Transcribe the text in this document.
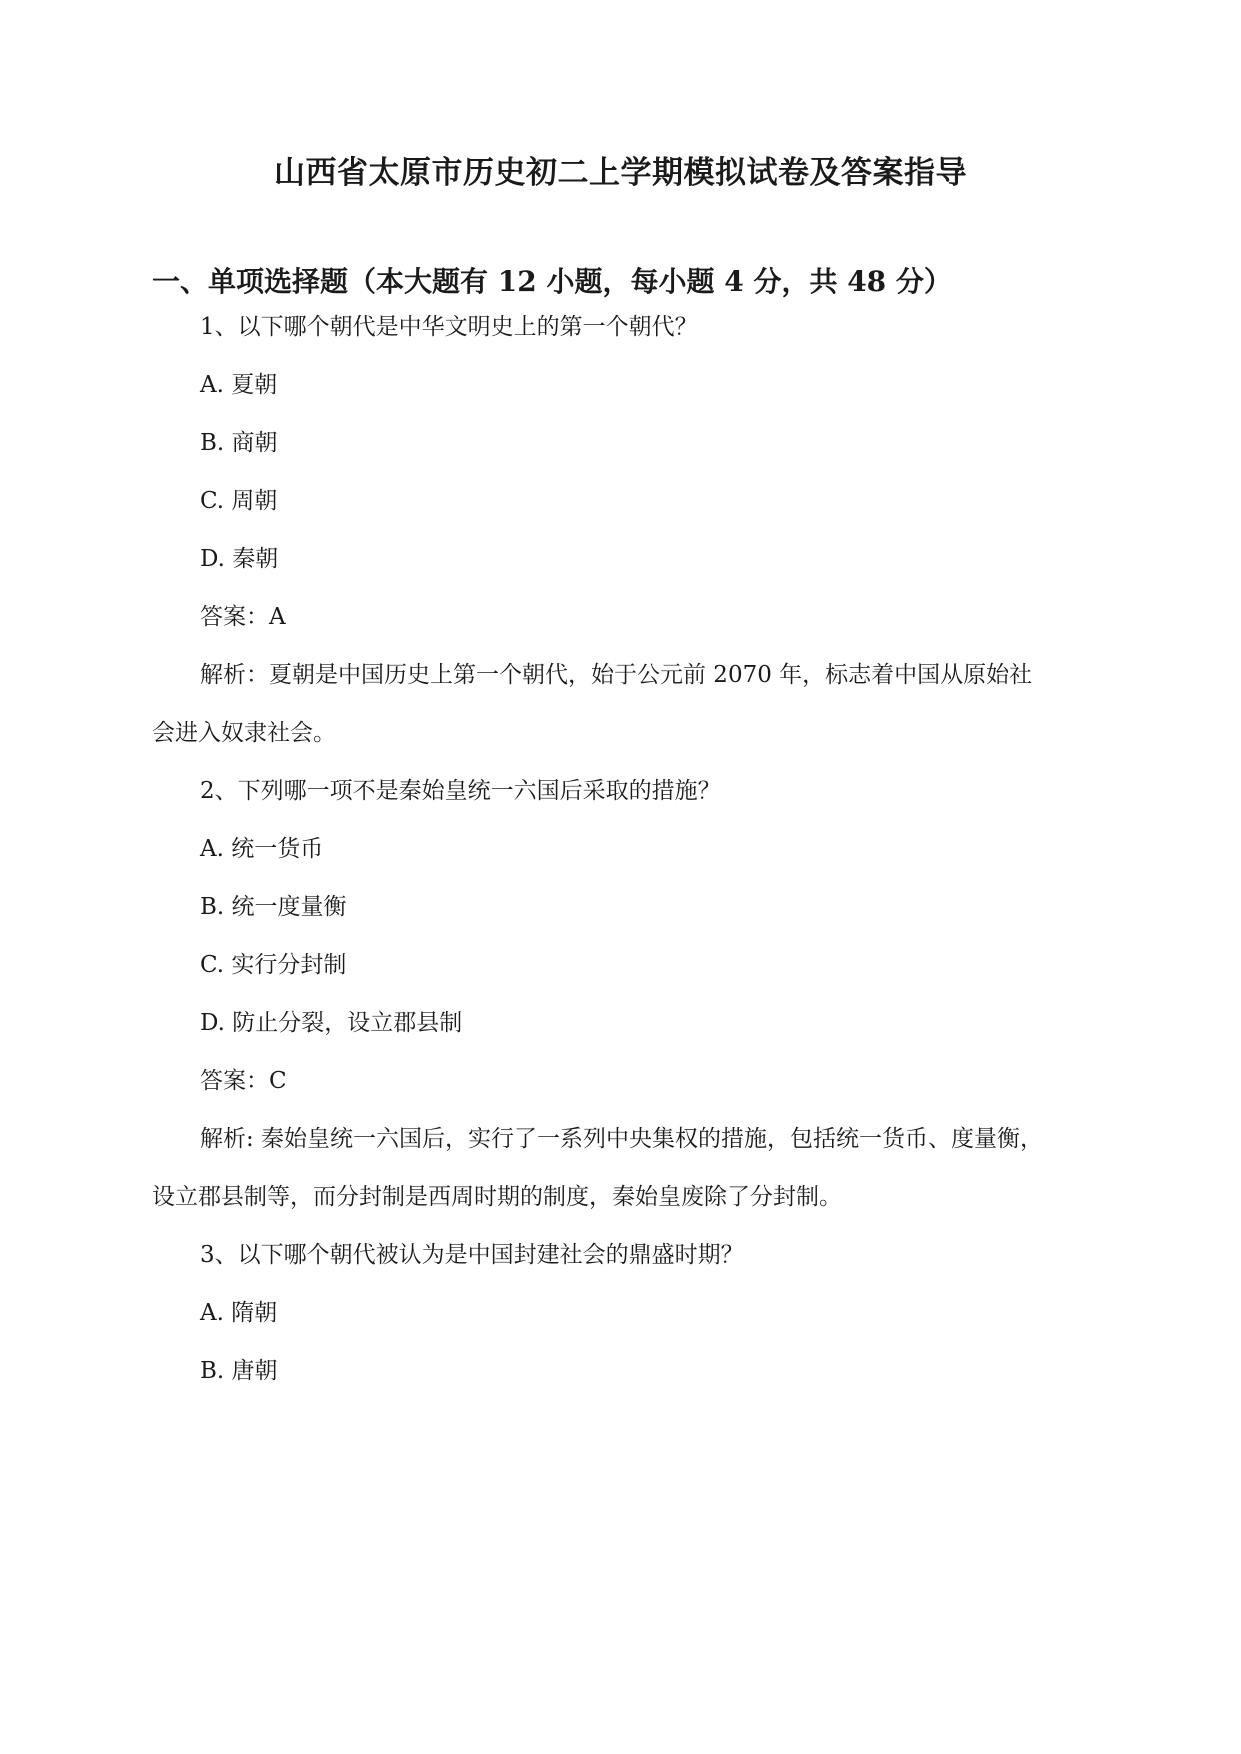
山西省太原市历史初二上学期模拟试卷及答案指导
一、单项选择题（本大题有 12 小题，每小题 4 分，共 48 分）
1、以下哪个朝代是中华文明史上的第一个朝代？
A. 夏朝
B. 商朝
C. 周朝
D. 秦朝
答案：A
解析：夏朝是中国历史上第一个朝代，始于公元前 2070 年，标志着中国从原始社
会进入奴隶社会。
2、下列哪一项不是秦始皇统一六国后采取的措施？
A. 统一货币
B. 统一度量衡
C. 实行分封制
D. 防止分裂，设立郡县制
答案：C
解析: 秦始皇统一六国后，实行了一系列中央集权的措施，包括统一货币、度量衡，
设立郡县制等，而分封制是西周时期的制度，秦始皇废除了分封制。
3、以下哪个朝代被认为是中国封建社会的鼎盛时期？
A. 隋朝
B. 唐朝
